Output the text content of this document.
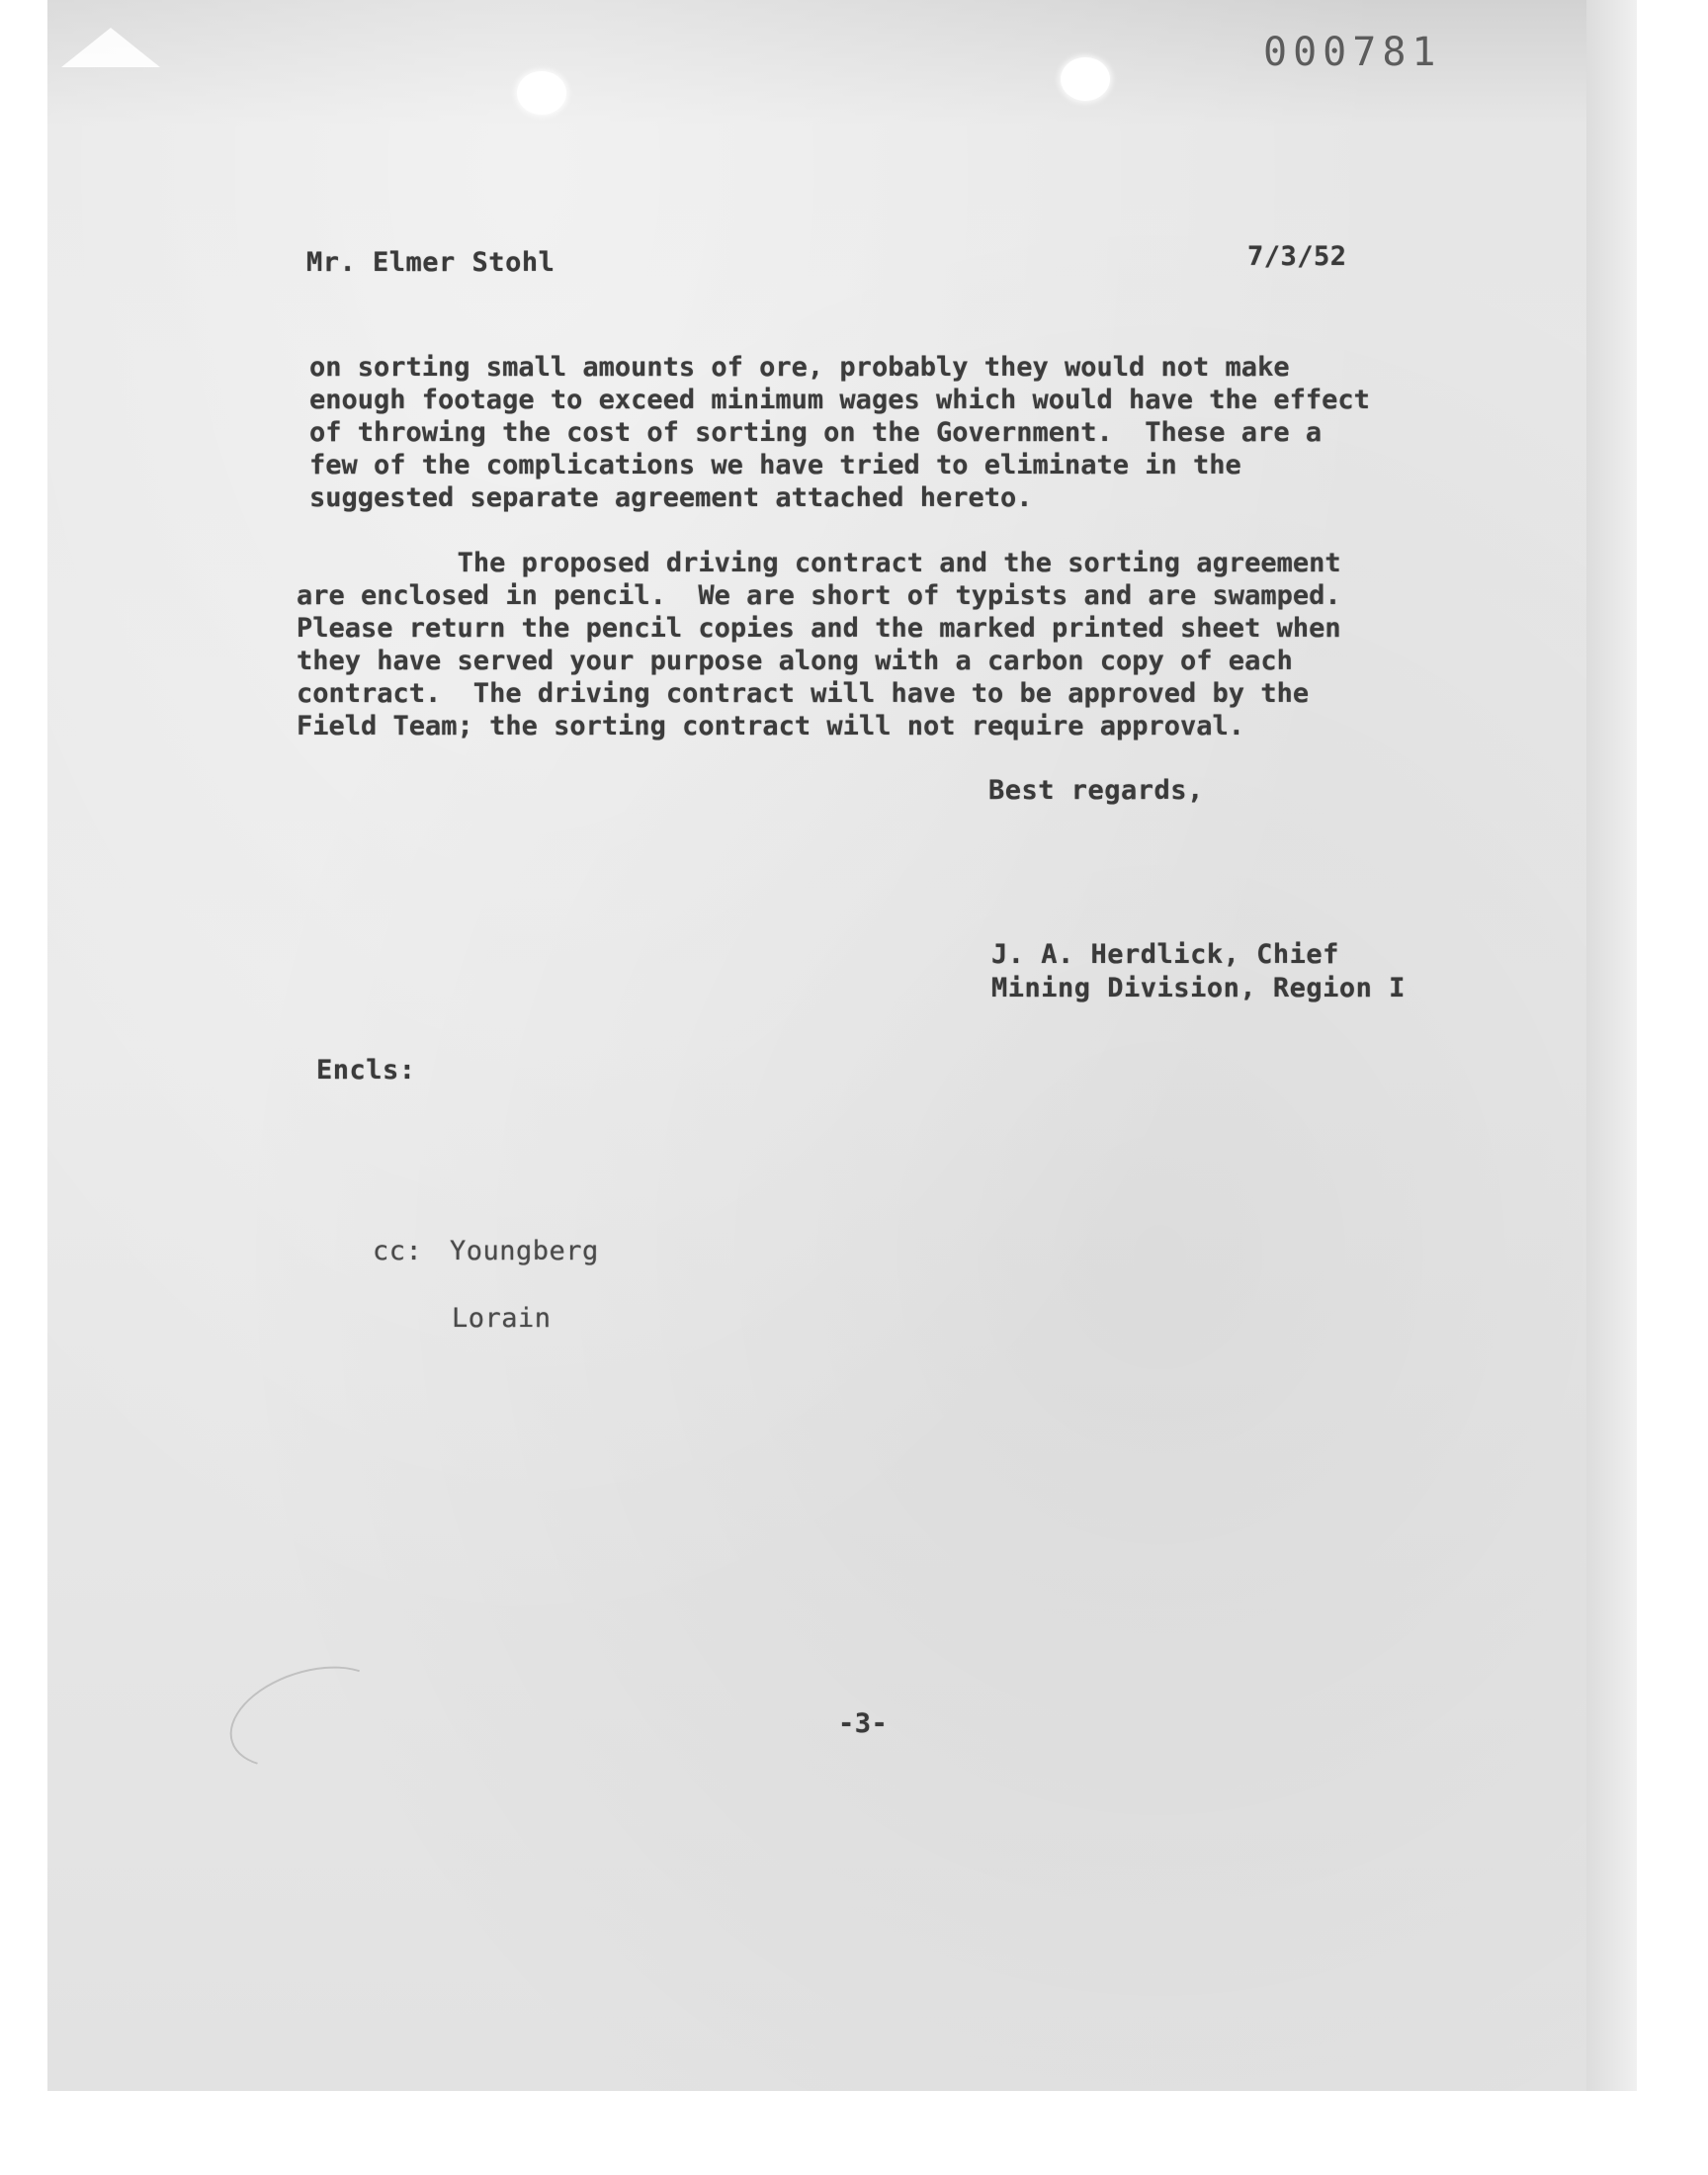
000781
Mr. Elmer Stohl	7/3/52
on sorting small amounts of ore, probably they would not make
enough footage to exceed minimum wages which would have the effect
of throwing the cost of sorting on the Government.  These are a
few of the complications we have tried to eliminate in the
suggested separate agreement attached hereto.
The proposed driving contract and the sorting agreement
are enclosed in pencil.  We are short of typists and are swamped.
Please return the pencil copies and the marked printed sheet when
they have served your purpose along with a carbon copy of each
contract.  The driving contract will have to be approved by the
Field Team; the sorting contract will not require approval.
Best regards,
J. A. Herdlick, Chief
Mining Division, Region I
Encls:
cc: Youngberg
Lorain
-3-
